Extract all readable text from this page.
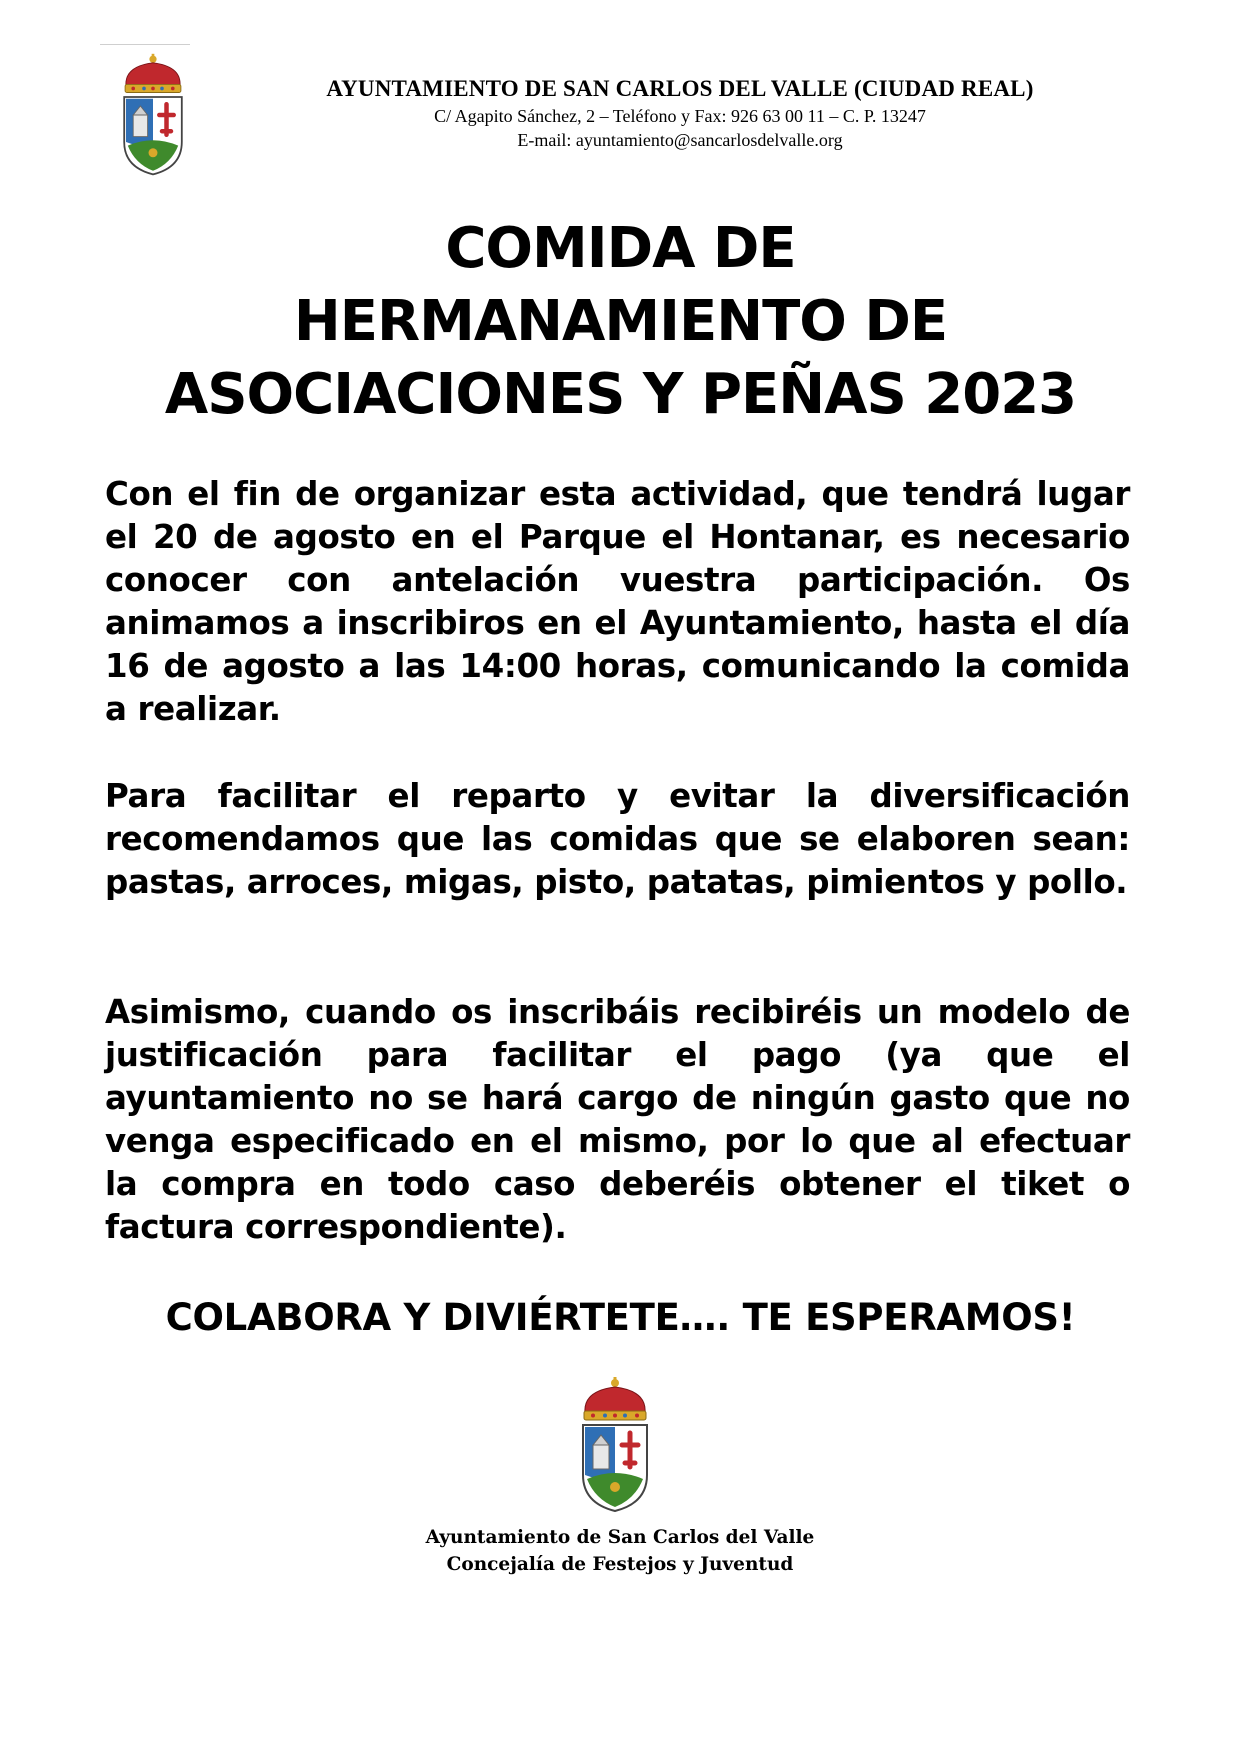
AYUNTAMIENTO DE SAN CARLOS DEL VALLE (CIUDAD REAL)
C/ Agapito Sánchez, 2 – Teléfono y Fax: 926 63 00 11 – C. P. 13247
E-mail: ayuntamiento@sancarlosdelvalle.org
COMIDA DE
HERMANAMIENTO DE
ASOCIACIONES Y PEÑAS 2023
Con el fin de organizar esta actividad, que tendrá lugar el 20 de agosto en el Parque el Hontanar, es necesario conocer con antelación vuestra participación. Os animamos a inscribiros en el Ayuntamiento, hasta el día 16 de agosto a las 14:00 horas, comunicando la comida a realizar.
Para facilitar el reparto y evitar la diversificación recomendamos que las comidas que se elaboren sean: pastas, arroces, migas, pisto, patatas, pimientos y pollo.
Asimismo, cuando os inscribáis recibiréis un modelo de justificación para facilitar el pago (ya que el ayuntamiento no se hará cargo de ningún gasto que no venga especificado en el mismo, por lo que al efectuar la compra en todo caso deberéis obtener el tiket o factura correspondiente).
COLABORA Y DIVIÉRTETE…. TE ESPERAMOS!
Ayuntamiento de San Carlos del Valle
Concejalía de Festejos y Juventud
